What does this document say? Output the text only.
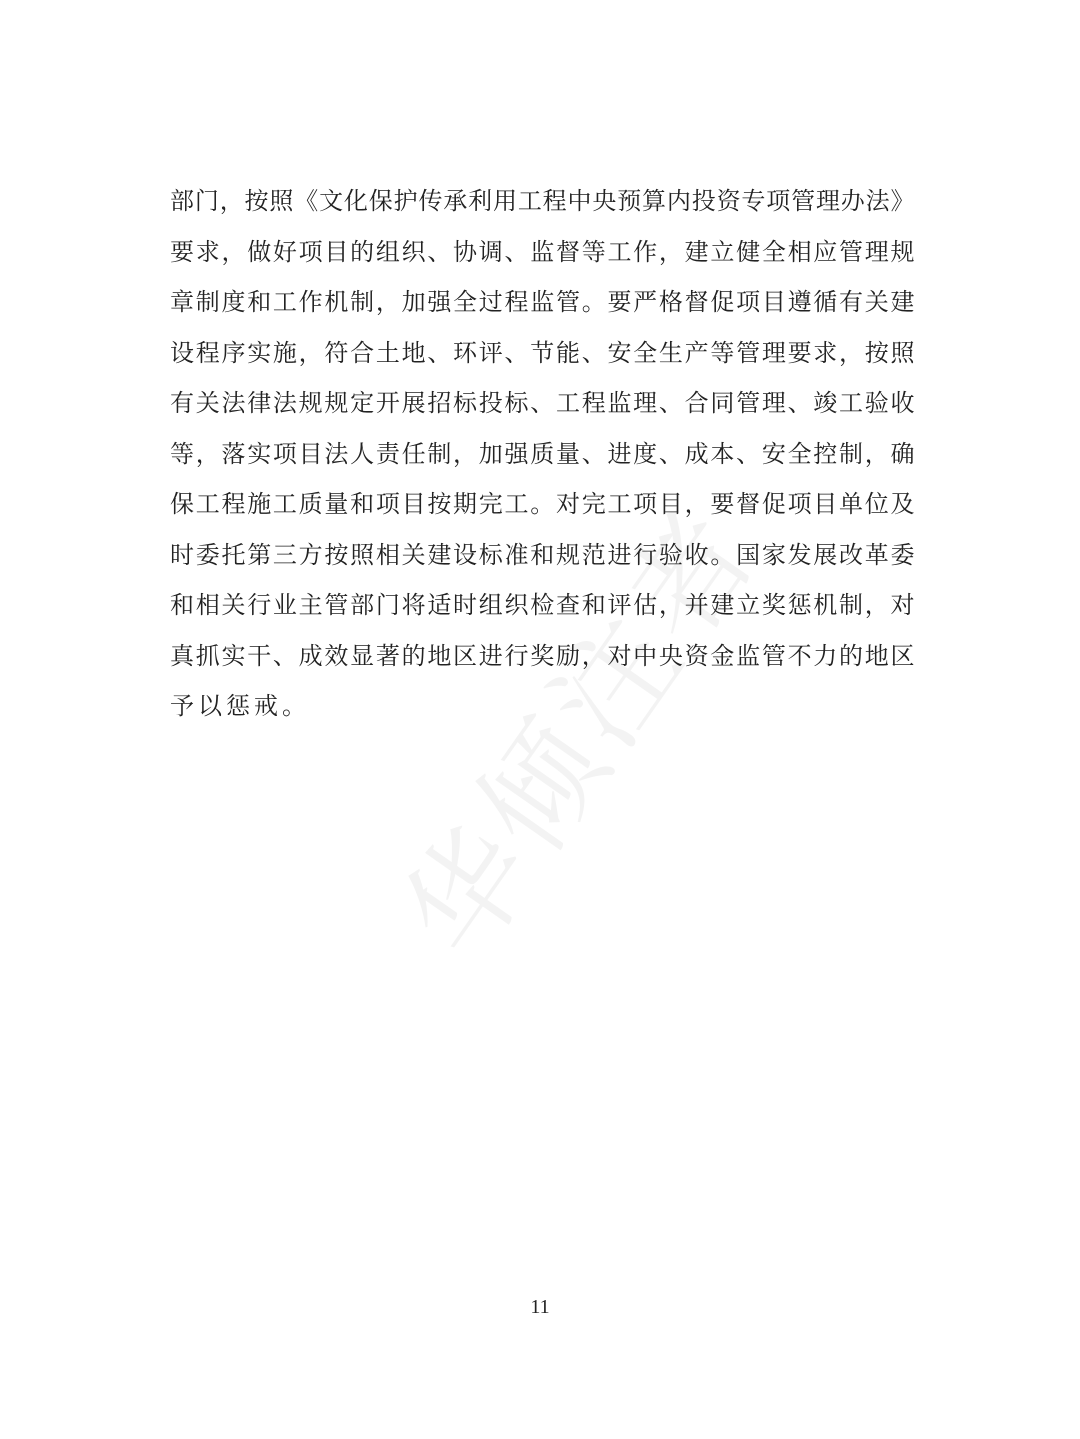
部门，按照《文化保护传承利用工程中央预算内投资专项管理办法》
要求，做好项目的组织、协调、监督等工作，建立健全相应管理规
章制度和工作机制，加强全过程监管。要严格督促项目遵循有关建
设程序实施，符合土地、环评、节能、安全生产等管理要求，按照
有关法律法规规定开展招标投标、工程监理、合同管理、竣工验收
等，落实项目法人责任制，加强质量、进度、成本、安全控制，确
保工程施工质量和项目按期完工。对完工项目，要督促项目单位及
时委托第三方按照相关建设标准和规范进行验收。国家发展改革委
和相关行业主管部门将适时组织检查和评估，并建立奖惩机制，对
真抓实干、成效显著的地区进行奖励，对中央资金监管不力的地区
予以惩戒。
11
